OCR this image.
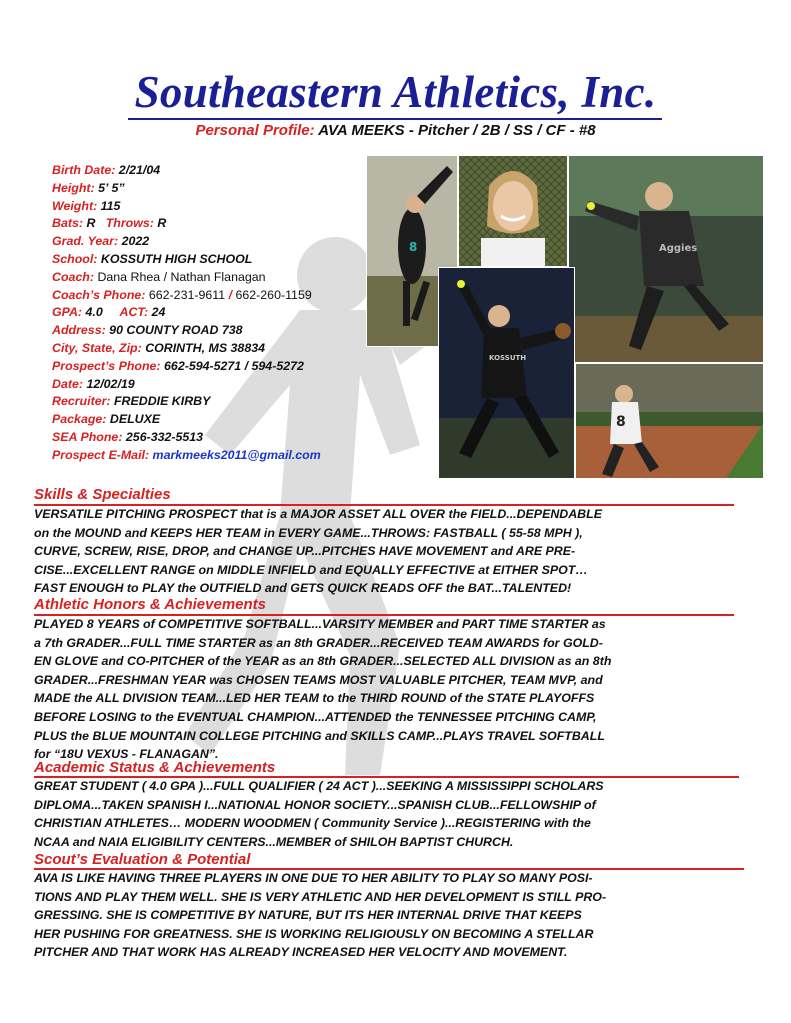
Southeastern Athletics, Inc.
Personal Profile: AVA MEEKS - Pitcher / 2B / SS / CF - #8
Birth Date: 2/21/04
Height: 5’ 5”
Weight: 115
Bats: R Throws: R
Grad. Year: 2022
School: KOSSUTH HIGH SCHOOL
Coach: Dana Rhea / Nathan Flanagan
Coach’s Phone: 662-231-9611 / 662-260-1159
GPA: 4.0 ACT: 24
Address: 90 COUNTY ROAD 738
City, State, Zip: CORINTH, MS 38834
Prospect’s Phone: 662-594-5271 / 594-5272
Date: 12/02/19
Recruiter: FREDDIE KIRBY
Package: DELUXE
SEA Phone: 256-332-5513
Prospect E-Mail: markmeeks2011@gmail.com
8	Aggies
KOSSUTH
8
Skills & Specialties
VERSATILE PITCHING PROSPECT that is a MAJOR ASSET ALL OVER the FIELD...DEPENDABLE
on the MOUND and KEEPS HER TEAM in EVERY GAME...THROWS: FASTBALL ( 55-58 MPH ),
CURVE, SCREW, RISE, DROP, and CHANGE UP...PITCHES HAVE MOVEMENT and ARE PRE-
CISE...EXCELLENT RANGE on MIDDLE INFIELD and EQUALLY EFFECTIVE at EITHER SPOT…
FAST ENOUGH to PLAY the OUTFIELD and GETS QUICK READS OFF the BAT...TALENTED!
Athletic Honors & Achievements
PLAYED 8 YEARS of COMPETITIVE SOFTBALL...VARSITY MEMBER and PART TIME STARTER as
a 7th GRADER...FULL TIME STARTER as an 8th GRADER...RECEIVED TEAM AWARDS for GOLD-
EN GLOVE and CO-PITCHER of the YEAR as an 8th GRADER...SELECTED ALL DIVISION as an 8th
GRADER...FRESHMAN YEAR was CHOSEN TEAMS MOST VALUABLE PITCHER, TEAM MVP, and
MADE the ALL DIVISION TEAM...LED HER TEAM to the THIRD ROUND of the STATE PLAYOFFS
BEFORE LOSING to the EVENTUAL CHAMPION...ATTENDED the TENNESSEE PITCHING CAMP,
PLUS the BLUE MOUNTAIN COLLEGE PITCHING and SKILLS CAMP...PLAYS TRAVEL SOFTBALL
for “18U VEXUS - FLANAGAN”.
Academic Status & Achievements
GREAT STUDENT ( 4.0 GPA )...FULL QUALIFIER ( 24 ACT )...SEEKING A MISSISSIPPI SCHOLARS
DIPLOMA...TAKEN SPANISH I...NATIONAL HONOR SOCIETY...SPANISH CLUB...FELLOWSHIP of
CHRISTIAN ATHLETES… MODERN WOODMEN ( Community Service )...REGISTERING with the
NCAA and NAIA ELIGIBILITY CENTERS...MEMBER of SHILOH BAPTIST CHURCH.
Scout’s Evaluation & Potential
AVA IS LIKE HAVING THREE PLAYERS IN ONE DUE TO HER ABILITY TO PLAY SO MANY POSI-
TIONS AND PLAY THEM WELL. SHE IS VERY ATHLETIC AND HER DEVELOPMENT IS STILL PRO-
GRESSING. SHE IS COMPETITIVE BY NATURE, BUT ITS HER INTERNAL DRIVE THAT KEEPS
HER PUSHING FOR GREATNESS. SHE IS WORKING RELIGIOUSLY ON BECOMING A STELLAR
PITCHER AND THAT WORK HAS ALREADY INCREASED HER VELOCITY AND MOVEMENT.
